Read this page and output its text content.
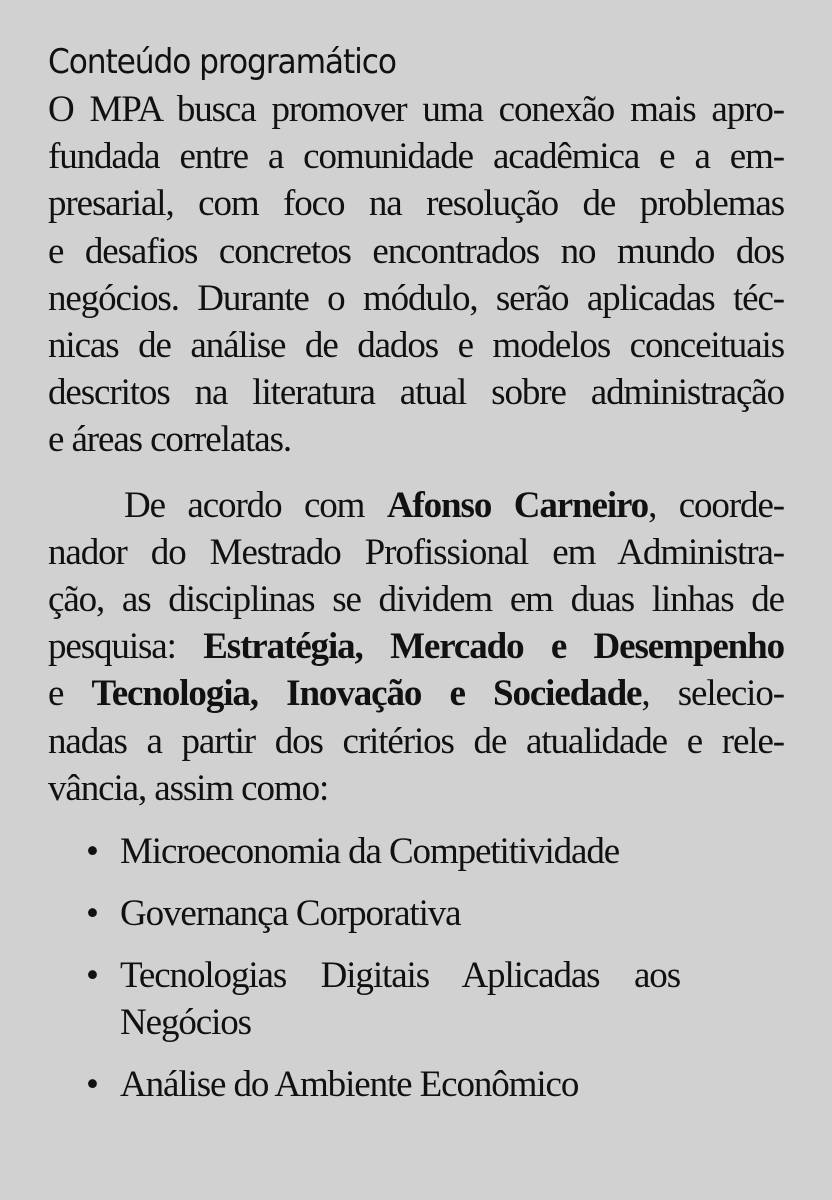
Conteúdo programático
O MPA busca promover uma conexão mais apro-
fundada entre a comunidade acadêmica e a em-
presarial, com foco na resolução de problemas
e desafios concretos encontrados no mundo dos
negócios. Durante o módulo, serão aplicadas téc-
nicas de análise de dados e modelos conceituais
descritos na literatura atual sobre administração
e áreas correlatas.
De acordo com Afonso Carneiro, coorde-
nador do Mestrado Profissional em Administra-
ção, as disciplinas se dividem em duas linhas de
pesquisa: Estratégia, Mercado e Desempenho
e Tecnologia, Inovação e Sociedade, selecio-
nadas a partir dos critérios de atualidade e rele-
vância, assim como:
• Microeconomia da Competitividade
• Governança Corporativa
• Tecnologias Digitais Aplicadas aos Negócios
• Análise do Ambiente Econômico
